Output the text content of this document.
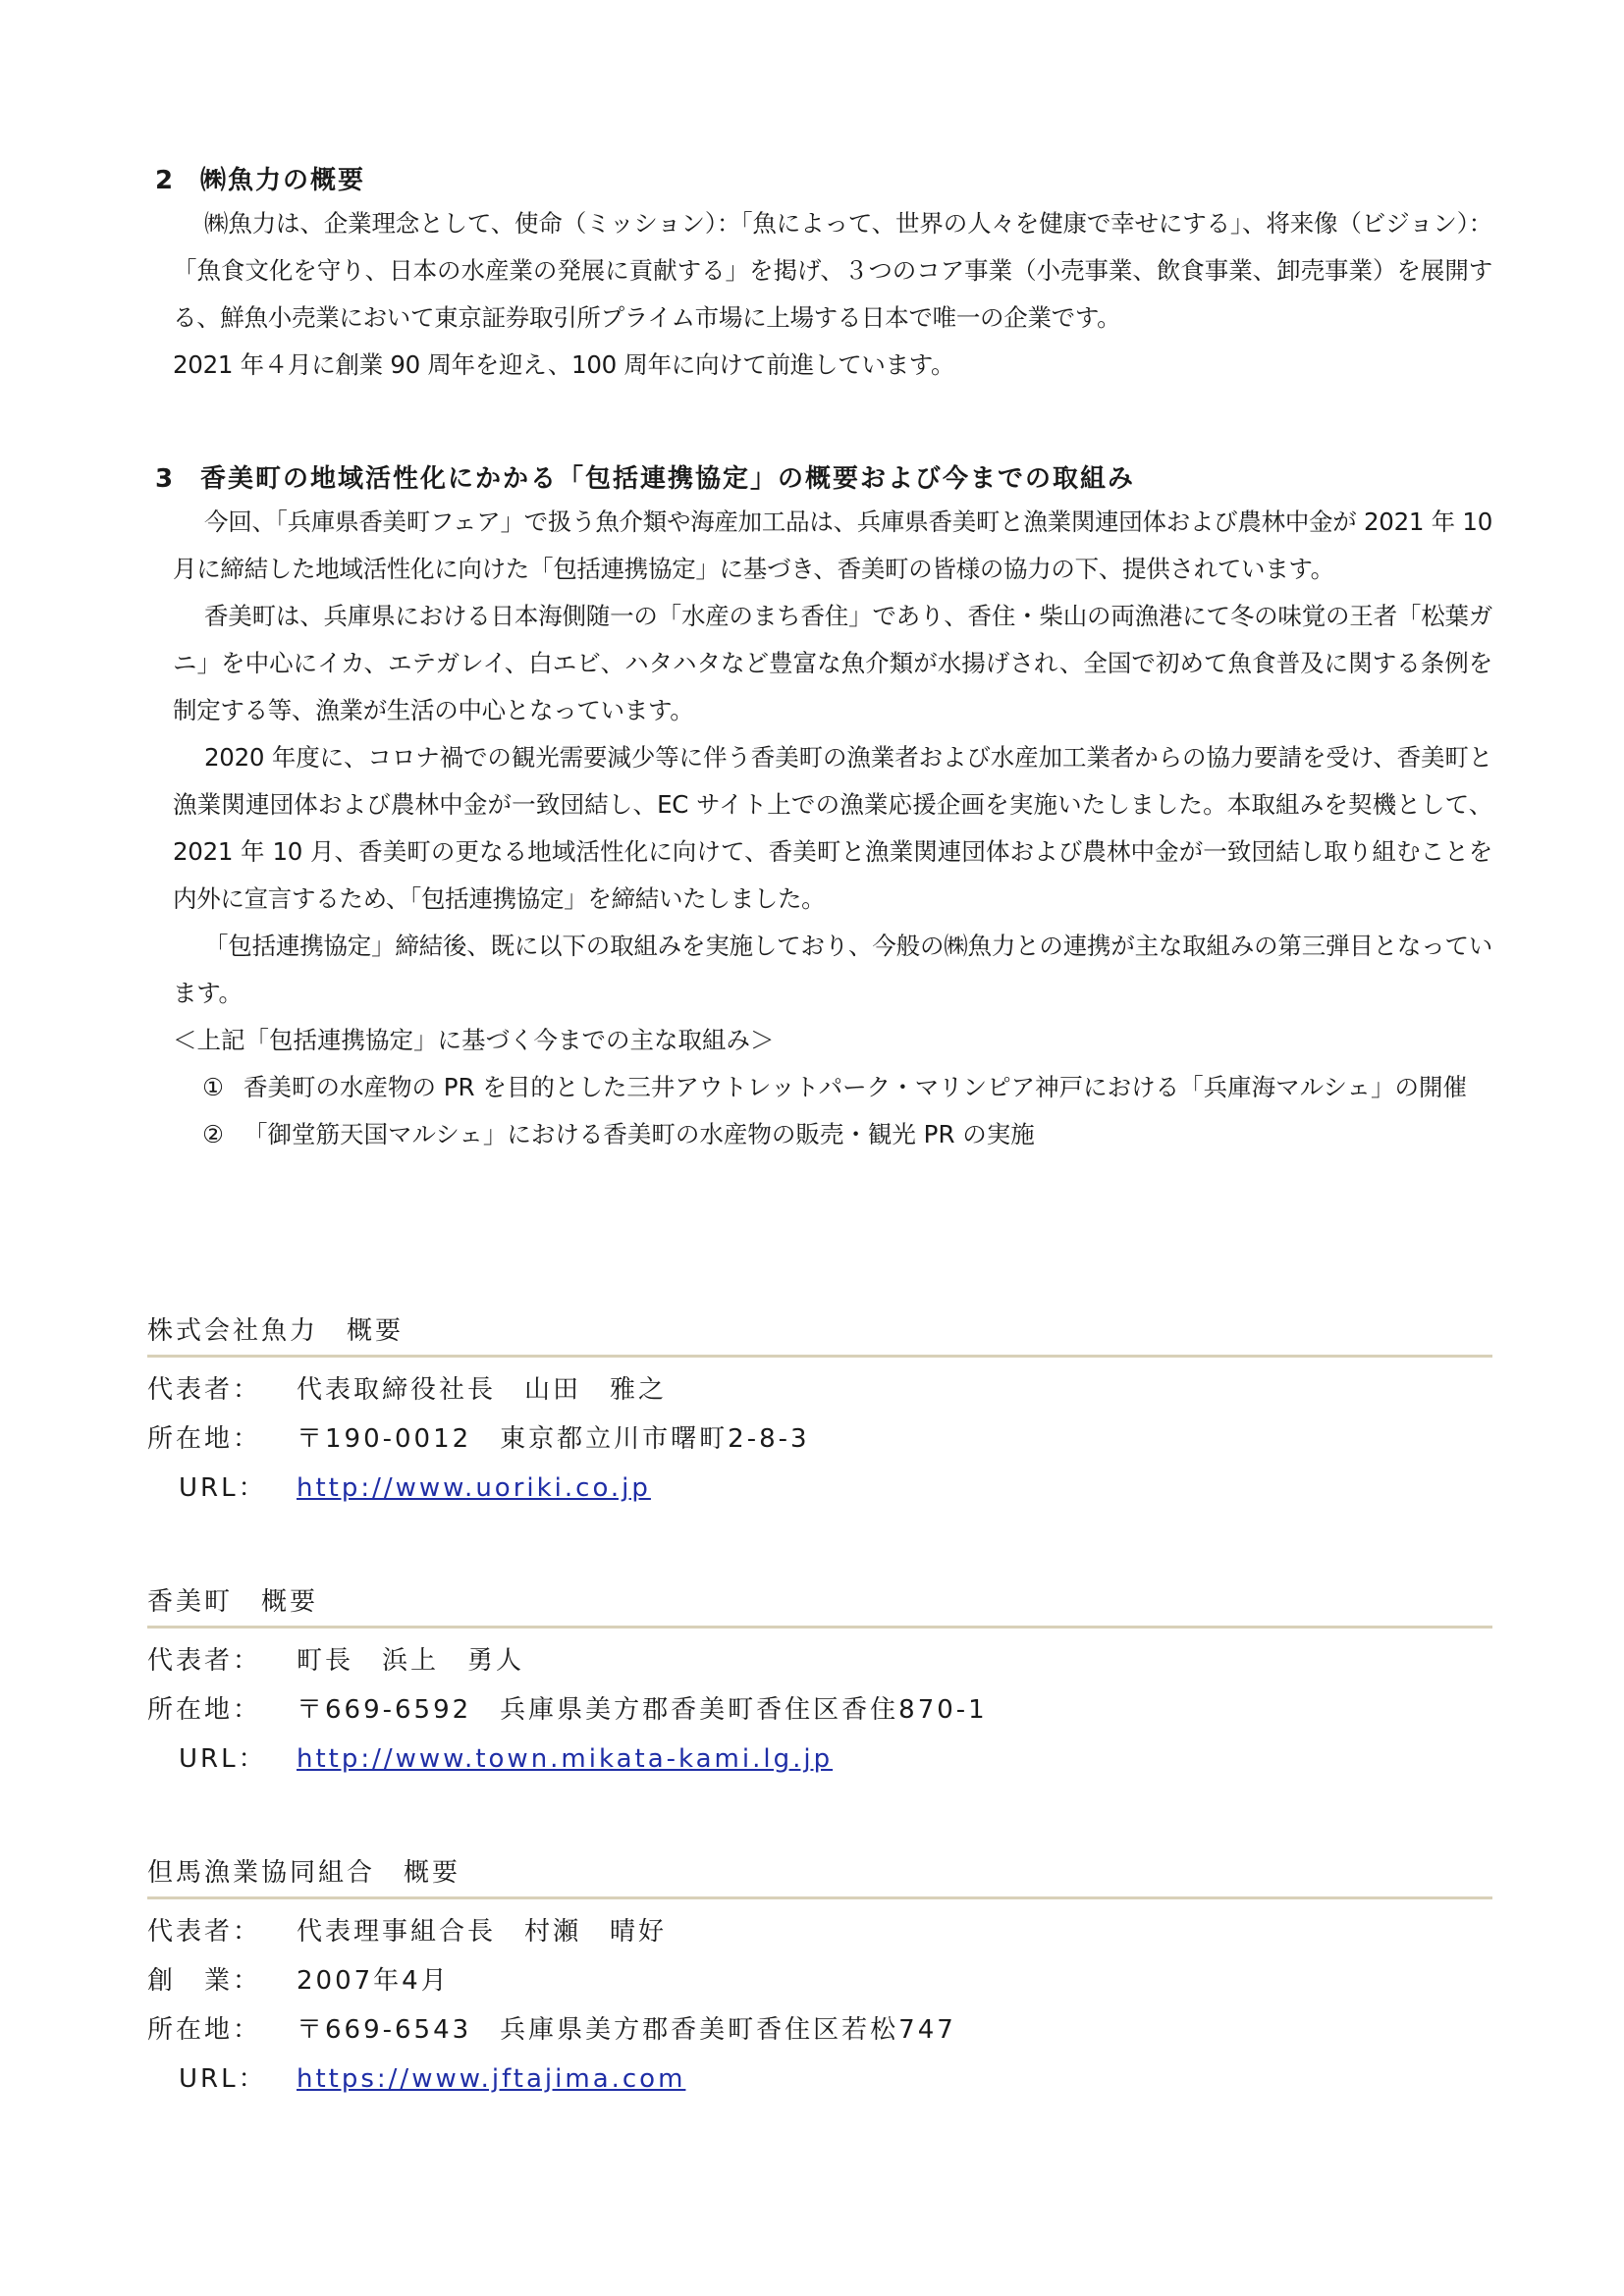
2 ㈱魚力の概要

㈱魚力は、企業理念として、使命（ミッション）：「魚によって、世界の人々を健康で幸せにする」、将来像（ビジョン）：「魚食文化を守り、日本の水産業の発展に貢献する」を掲げ、３つのコア事業（小売事業、飲食事業、卸売事業）を展開する、鮮魚小売業において東京証券取引所プライム市場に上場する日本で唯一の企業です。

2021 年４月に創業 90 周年を迎え、100 周年に向けて前進しています。

3 香美町の地域活性化にかかる「包括連携協定」の概要および今までの取組み

今回、「兵庫県香美町フェア」で扱う魚介類や海産加工品は、兵庫県香美町と漁業関連団体および農林中金が 2021 年 10 月に締結した地域活性化に向けた「包括連携協定」に基づき、香美町の皆様の協力の下、提供されています。

香美町は、兵庫県における日本海側随一の「水産のまち香住」であり、香住・柴山の両漁港にて冬の味覚の王者「松葉ガニ」を中心にイカ、エテガレイ、白エビ、ハタハタなど豊富な魚介類が水揚げされ、全国で初めて魚食普及に関する条例を制定する等、漁業が生活の中心となっています。

2020 年度に、コロナ禍での観光需要減少等に伴う香美町の漁業者および水産加工業者からの協力要請を受け、香美町と漁業関連団体および農林中金が一致団結し、EC サイト上での漁業応援企画を実施いたしました。本取組みを契機として、2021 年 10 月、香美町の更なる地域活性化に向けて、香美町と漁業関連団体および農林中金が一致団結し取り組むことを内外に宣言するため、「包括連携協定」を締結いたしました。

「包括連携協定」締結後、既に以下の取組みを実施しており、今般の㈱魚力との連携が主な取組みの第三弾目となっています。

＜上記「包括連携協定」に基づく今までの主な取組み＞
① 香美町の水産物の PR を目的とした三井アウトレットパーク・マリンピア神戸における「兵庫海マルシェ」の開催
② 「御堂筋天国マルシェ」における香美町の水産物の販売・観光 PR の実施
株式会社魚力　概要
代表者： 代表取締役社長　山田　雅之
所在地： 〒190-0012　東京都立川市曙町2-8-3
URL： http://www.uoriki.co.jp
香美町　概要
代表者： 町長　浜上　勇人
所在地： 〒669-6592　兵庫県美方郡香美町香住区香住870-1
URL： http://www.town.mikata-kami.lg.jp
但馬漁業協同組合　概要
代表者： 代表理事組合長　村瀬　晴好
創　業： 2007年4月
所在地： 〒669-6543　兵庫県美方郡香美町香住区若松747
URL： https://www.jftajima.com
